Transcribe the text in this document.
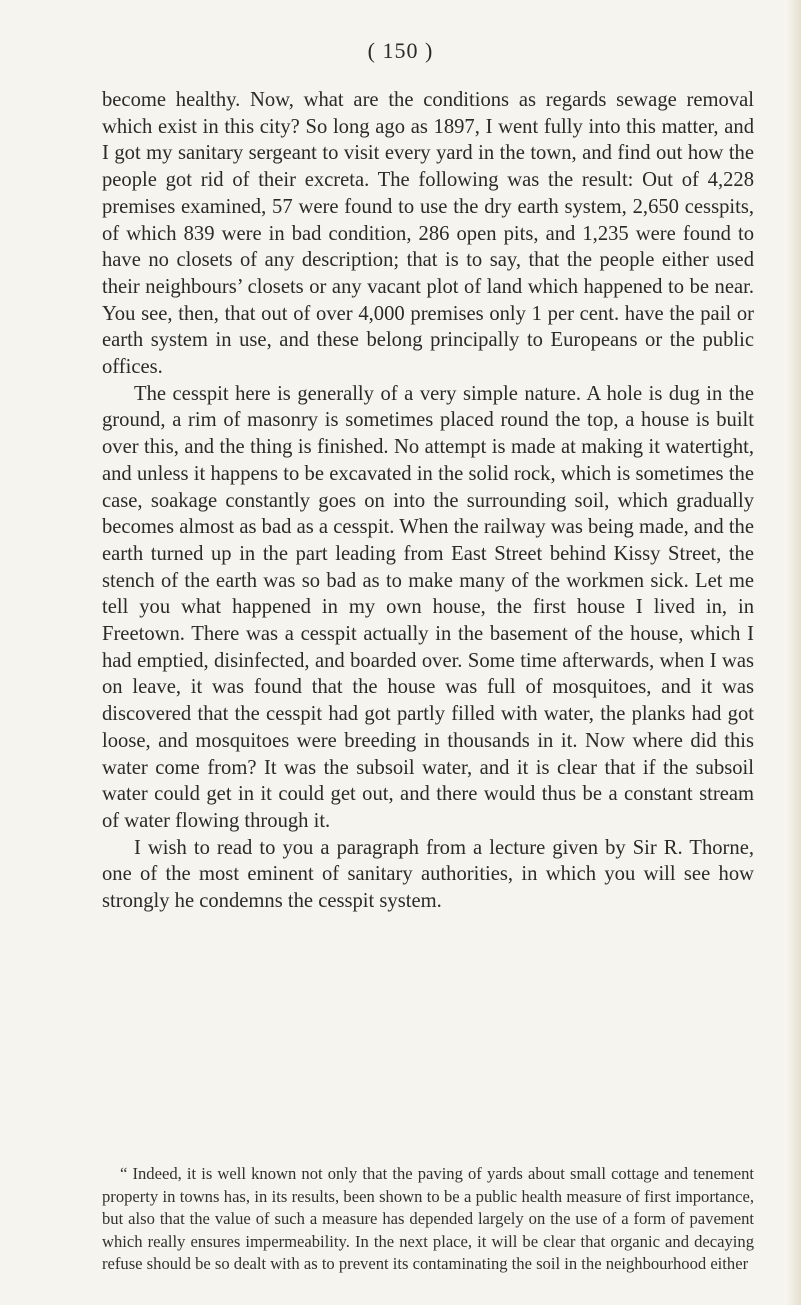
( 150 )

become healthy. Now, what are the conditions as regards sewage removal which exist in this city? So long ago as 1897, I went fully into this matter, and I got my sanitary sergeant to visit every yard in the town, and find out how the people got rid of their excreta. The following was the result: Out of 4,228 premises examined, 57 were found to use the dry earth system, 2,650 cesspits, of which 839 were in bad condition, 286 open pits, and 1,235 were found to have no closets of any description; that is to say, that the people either used their neighbours’ closets or any vacant plot of land which happened to be near. You see, then, that out of over 4,000 premises only 1 per cent. have the pail or earth system in use, and these belong principally to Europeans or the public offices.

The cesspit here is generally of a very simple nature. A hole is dug in the ground, a rim of masonry is sometimes placed round the top, a house is built over this, and the thing is finished. No attempt is made at making it watertight, and unless it happens to be excavated in the solid rock, which is sometimes the case, soakage constantly goes on into the surrounding soil, which gradually becomes almost as bad as a cesspit. When the railway was being made, and the earth turned up in the part leading from East Street behind Kissy Street, the stench of the earth was so bad as to make many of the workmen sick. Let me tell you what happened in my own house, the first house I lived in, in Freetown. There was a cesspit actually in the basement of the house, which I had emptied, disinfected, and boarded over. Some time afterwards, when I was on leave, it was found that the house was full of mosquitoes, and it was discovered that the cesspit had got partly filled with water, the planks had got loose, and mosquitoes were breeding in thousands in it. Now where did this water come from? It was the subsoil water, and it is clear that if the subsoil water could get in it could get out, and there would thus be a constant stream of water flowing through it.

I wish to read to you a paragraph from a lecture given by Sir R. Thorne, one of the most eminent of sanitary authorities, in which you will see how strongly he condemns the cesspit system.

“ Indeed, it is well known not only that the paving of yards about small cottage and tenement property in towns has, in its results, been shown to be a public health measure of first importance, but also that the value of such a measure has depended largely on the use of a form of pavement which really ensures impermeability. In the next place, it will be clear that organic and decaying refuse should be so dealt with as to prevent its contaminating the soil in the neighbourhood either
